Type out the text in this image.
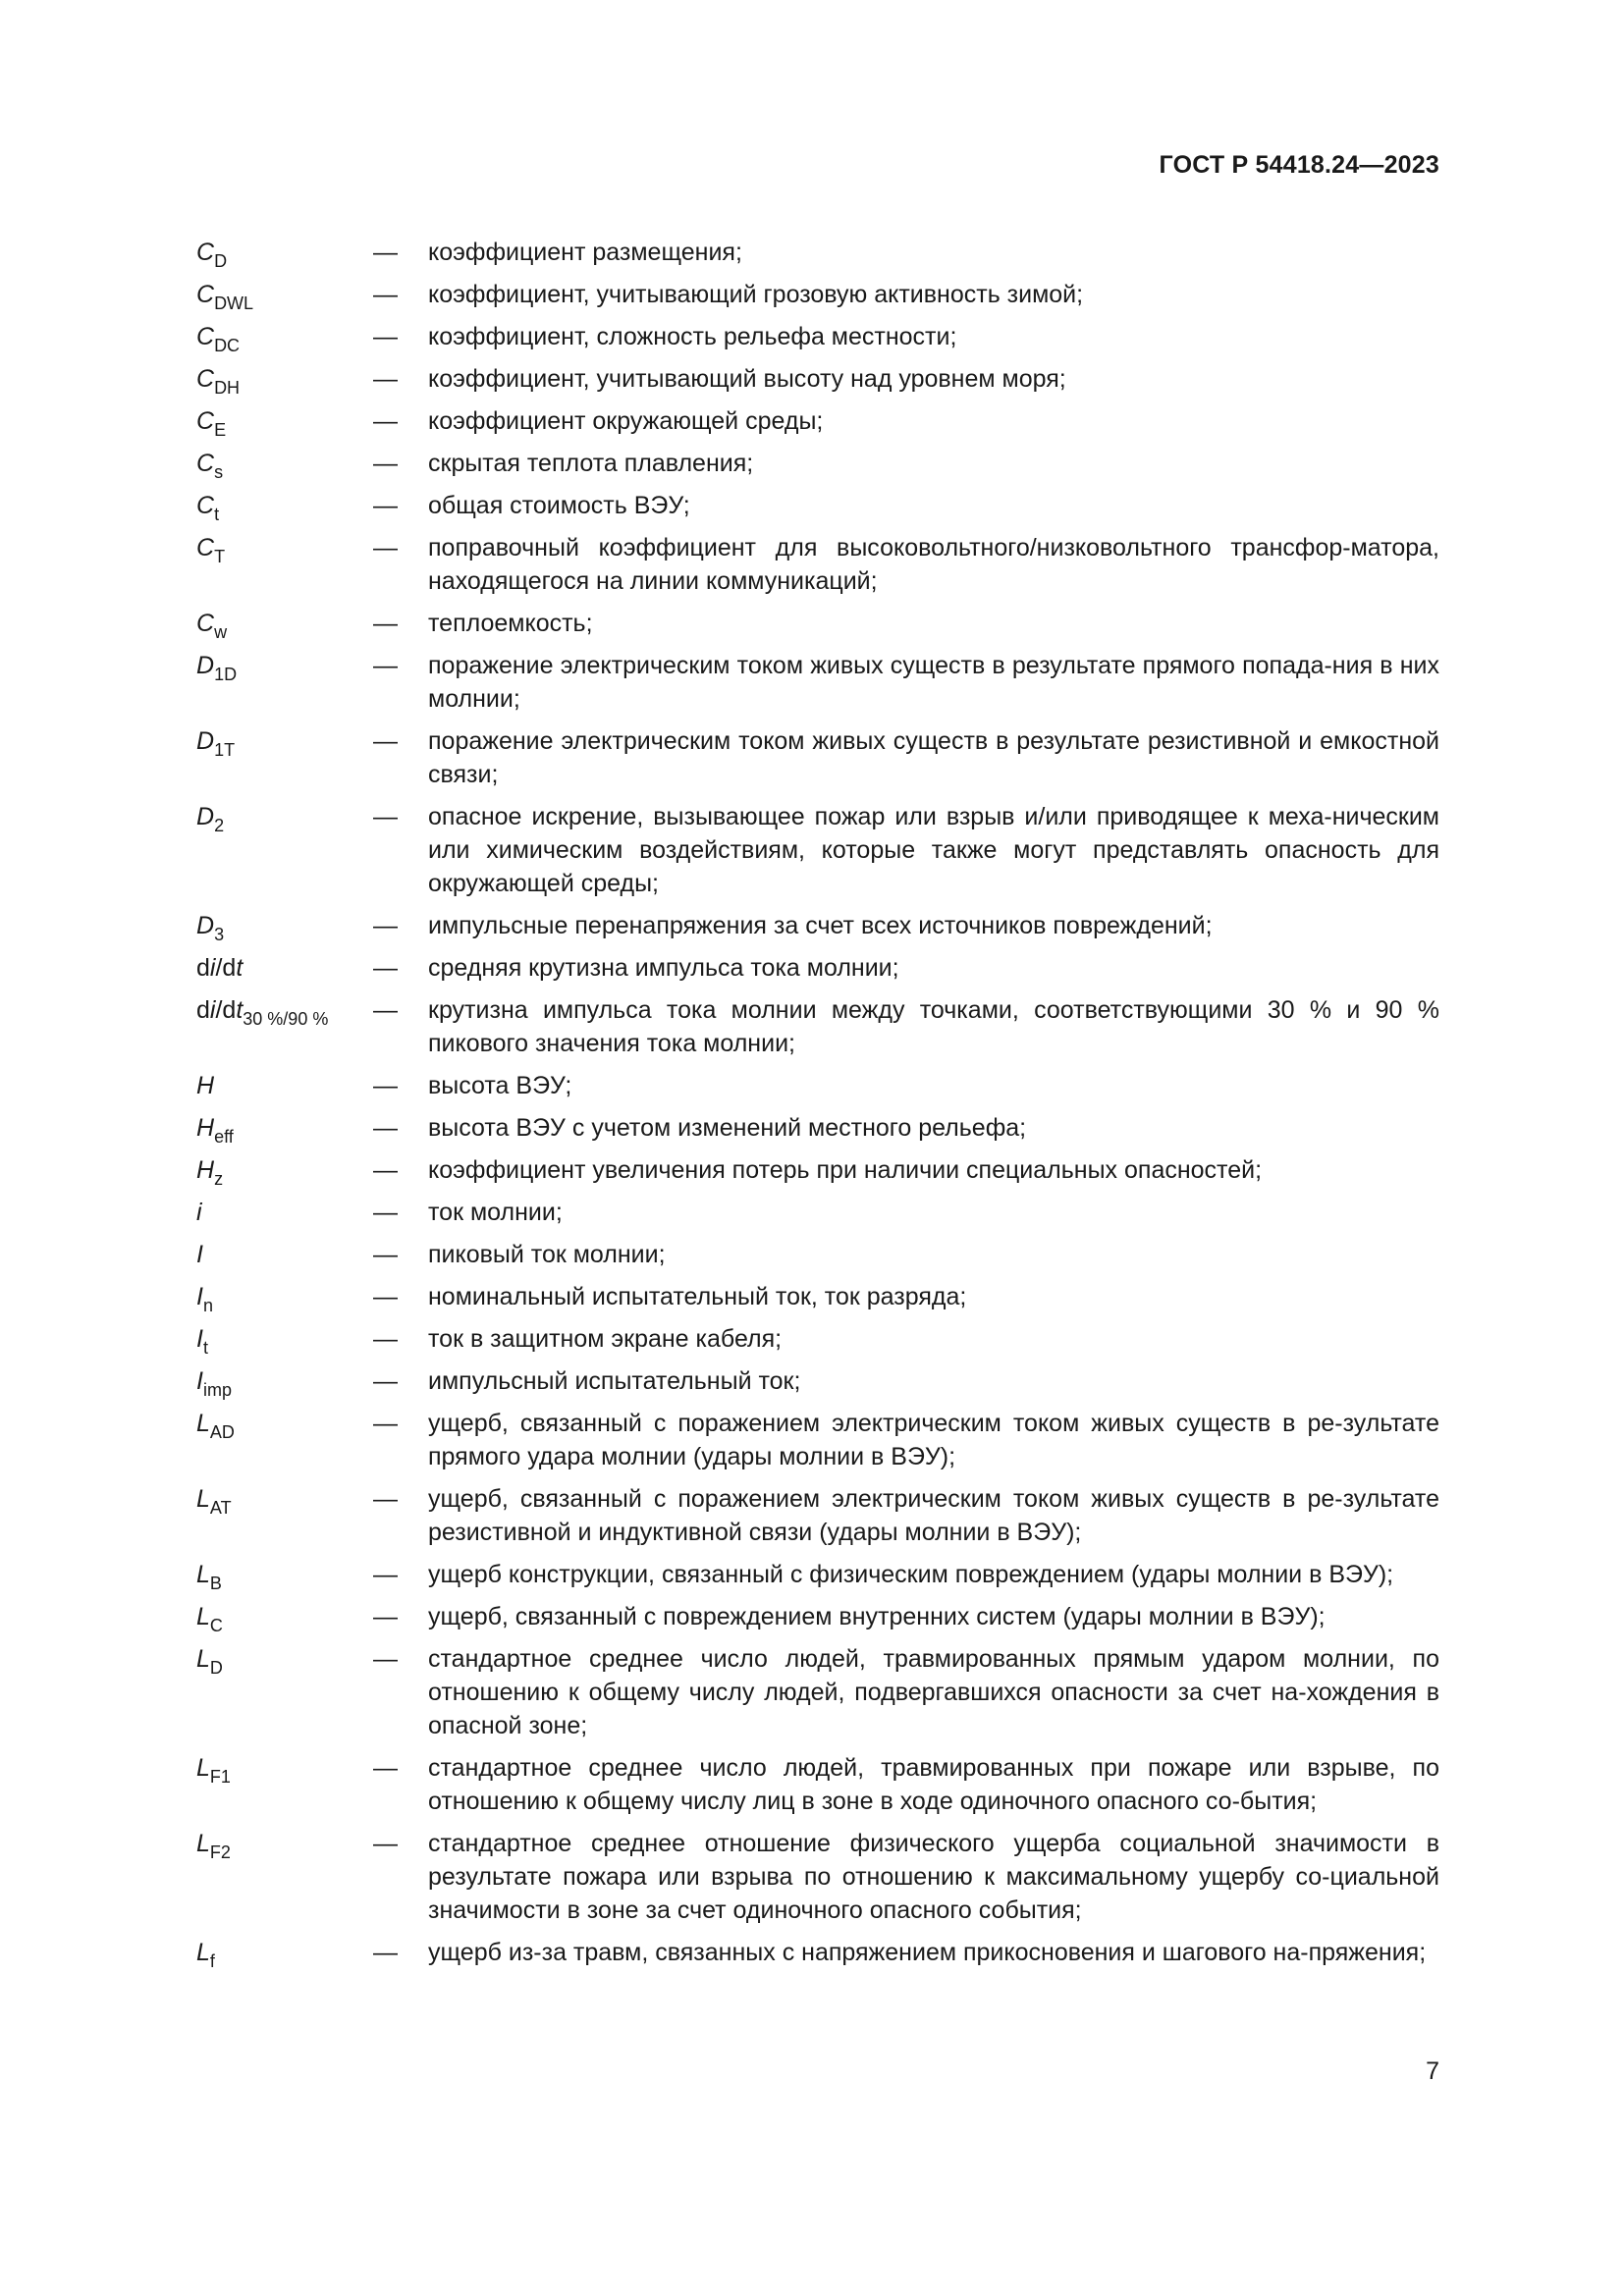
ГОСТ Р 54418.24—2023
$C_D$	—	коэффициент размещения;
$C_{DWL}$	—	коэффициент, учитывающий грозовую активность зимой;
$C_{DC}$	—	коэффициент, сложность рельефа местности;
$C_{DH}$	—	коэффициент, учитывающий высоту над уровнем моря;
$C_E$	—	коэффициент окружающей среды;
$C_s$	—	скрытая теплота плавления;
$C_t$	—	общая стоимость ВЭУ;
$C_T$	—	поправочный коэффициент для высоковольтного/низковольтного трансфор-матора, находящегося на линии коммуникаций;
$C_w$	—	теплоемкость;
$D_{1D}$	—	поражение электрическим током живых существ в результате прямого попада-ния в них молнии;
$D_{1T}$	—	поражение электрическим током живых существ в результате резистивной и емкостной связи;
$D_2$	—	опасное искрение, вызывающее пожар или взрыв и/или приводящее к меха-ническим или химическим воздействиям, которые также могут представлять опасность для окружающей среды;
$D_3$	—	импульсные перенапряжения за счет всех источников повреждений;
di/dt	—	средняя крутизна импульса тока молнии;
$di/dt_{30 \%/90 \%}$	—	крутизна импульса тока молнии между точками, соответствующими 30 % и 90 % пикового значения тока молнии;
H	—	высота ВЭУ;
$H_{eff}$	—	высота ВЭУ с учетом изменений местного рельефа;
$H_z$	—	коэффициент увеличения потерь при наличии специальных опасностей;
i	—	ток молнии;
I	—	пиковый ток молнии;
$I_n$	—	номинальный испытательный ток, ток разряда;
$I_t$	—	ток в защитном экране кабеля;
$I_{imp}$	—	импульсный испытательный ток;
$L_{AD}$	—	ущерб, связанный с поражением электрическим током живых существ в ре-зультате прямого удара молнии (удары молнии в ВЭУ);
$L_{AT}$	—	ущерб, связанный с поражением электрическим током живых существ в ре-зультате резистивной и индуктивной связи (удары молнии в ВЭУ);
$L_B$	—	ущерб конструкции, связанный с физическим повреждением (удары молнии в ВЭУ);
$L_C$	—	ущерб, связанный с повреждением внутренних систем (удары молнии в ВЭУ);
$L_D$	—	стандартное среднее число людей, травмированных прямым ударом молнии, по отношению к общему числу людей, подвергавшихся опасности за счет на-хождения в опасной зоне;
$L_{F1}$	—	стандартное среднее число людей, травмированных при пожаре или взрыве, по отношению к общему числу лиц в зоне в ходе одиночного опасного со-бытия;
$L_{F2}$	—	стандартное среднее отношение физического ущерба социальной значимости в результате пожара или взрыва по отношению к максимальному ущербу со-циальной значимости в зоне за счет одиночного опасного события;
$L_f$	—	ущерб из-за травм, связанных с напряжением прикосновения и шагового на-пряжения;
7
